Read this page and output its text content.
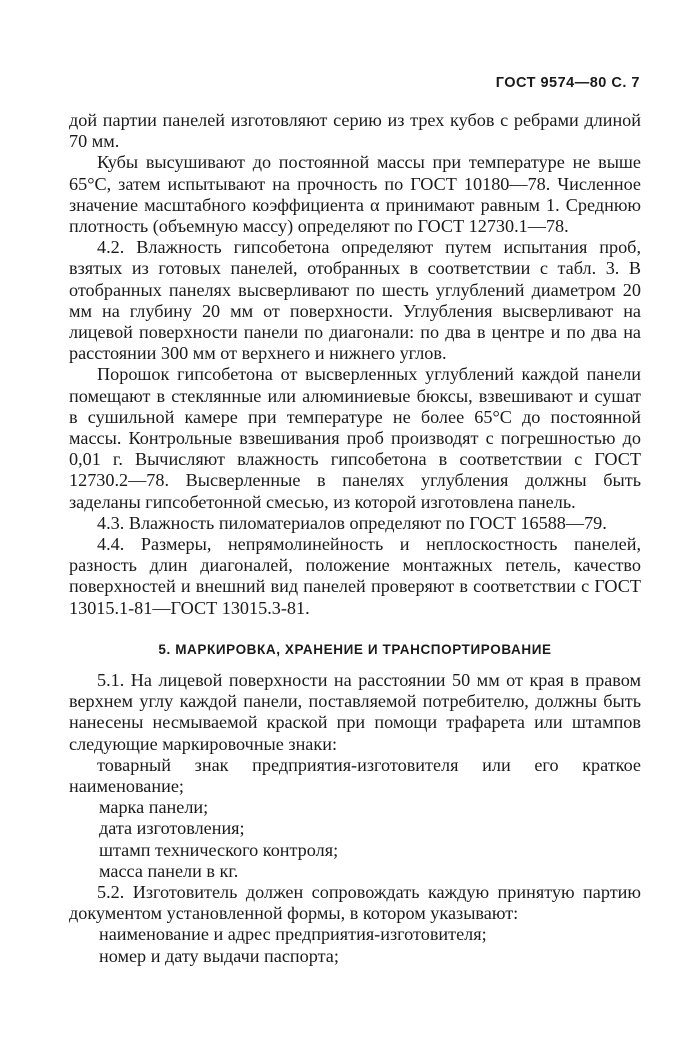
ГОСТ 9574—80 С. 7

дой партии панелей изготовляют серию из трех кубов с ребрами длиной 70 мм.

Кубы высушивают до постоянной массы при температуре не выше 65°С, затем испытывают на прочность по ГОСТ 10180—78. Численное значение масштабного коэффициента α принимают равным 1. Среднюю плотность (объемную массу) определяют по ГОСТ 12730.1—78.

4.2. Влажность гипсобетона определяют путем испытания проб, взятых из готовых панелей, отобранных в соответствии с табл. 3. В отобранных панелях высверливают по шесть углублений диаметром 20 мм на глубину 20 мм от поверхности. Углубления высверливают на лицевой поверхности панели по диагонали: по два в центре и по два на расстоянии 300 мм от верхнего и нижнего углов.

Порошок гипсобетона от высверленных углублений каждой панели помещают в стеклянные или алюминиевые бюксы, взвешивают и сушат в сушильной камере при температуре не более 65°С до постоянной массы. Контрольные взвешивания проб производят с погрешностью до 0,01 г. Вычисляют влажность гипсобетона в соответствии с ГОСТ 12730.2—78. Высверленные в панелях углубления должны быть заделаны гипсобетонной смесью, из которой изготовлена панель.

4.3. Влажность пиломатериалов определяют по ГОСТ 16588—79.

4.4. Размеры, непрямолинейность и неплоскостность панелей, разность длин диагоналей, положение монтажных петель, качество поверхностей и внешний вид панелей проверяют в соответствии с ГОСТ 13015.1-81—ГОСТ 13015.3-81.

5. МАРКИРОВКА, ХРАНЕНИЕ И ТРАНСПОРТИРОВАНИЕ

5.1. На лицевой поверхности на расстоянии 50 мм от края в правом верхнем углу каждой панели, поставляемой потребителю, должны быть нанесены несмываемой краской при помощи трафарета или штампов следующие маркировочные знаки:

товарный знак предприятия-изготовителя или его краткое наименование;

марка панели;

дата изготовления;

штамп технического контроля;

масса панели в кг.

5.2. Изготовитель должен сопровождать каждую принятую партию документом установленной формы, в котором указывают:

наименование и адрес предприятия-изготовителя;

номер и дату выдачи паспорта;
